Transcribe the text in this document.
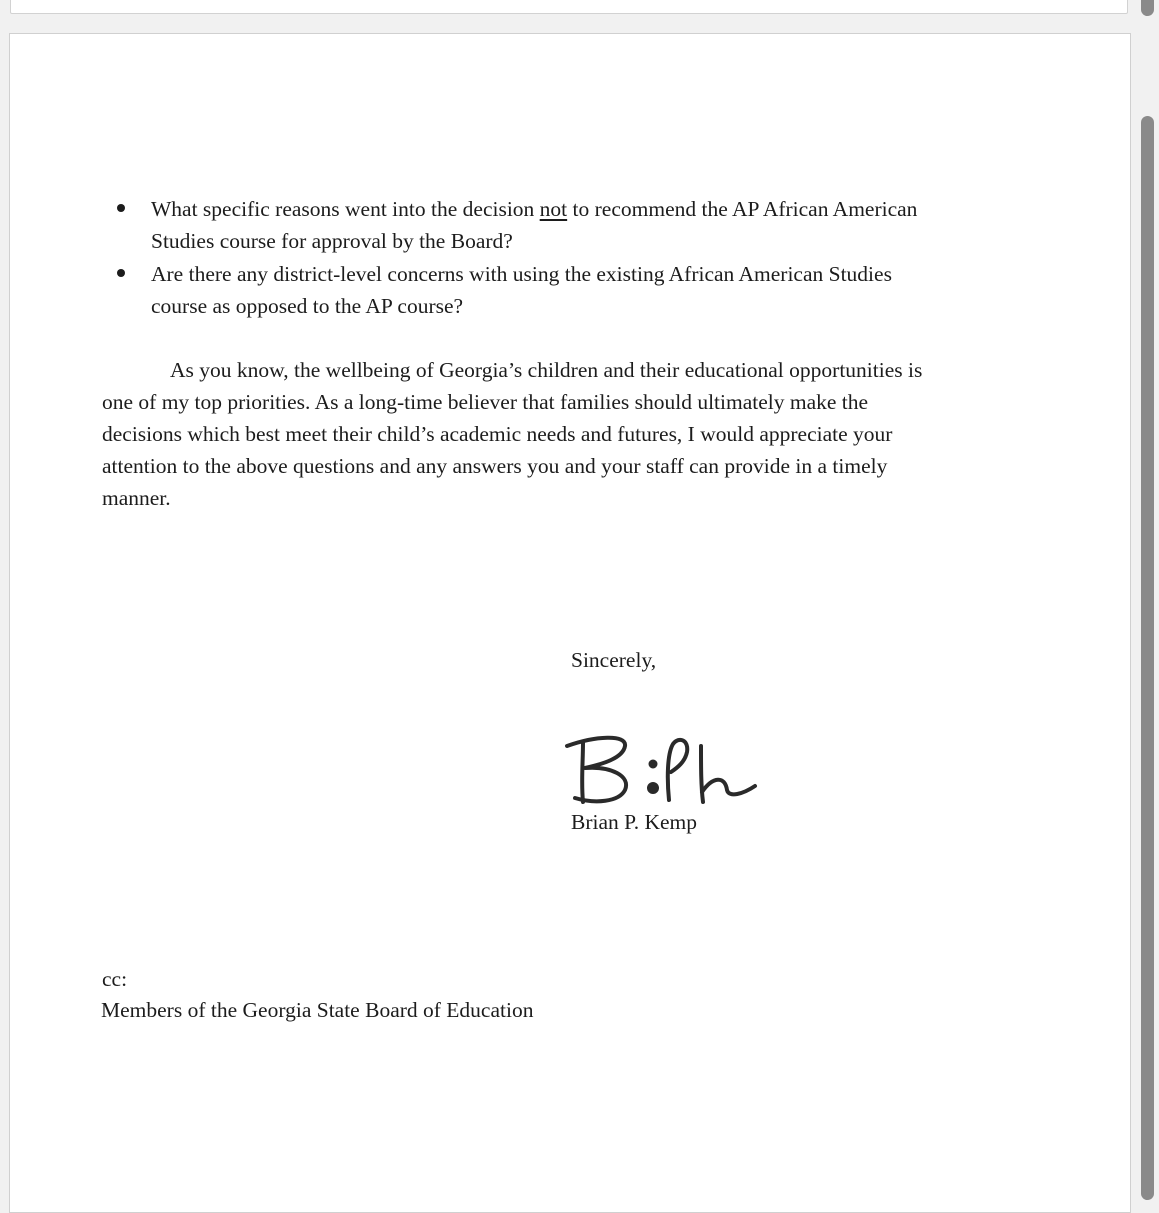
What specific reasons went into the decision not to recommend the AP African American
Studies course for approval by the Board?
Are there any district-level concerns with using the existing African American Studies
course as opposed to the AP course?
As you know, the wellbeing of Georgia’s children and their educational opportunities is
one of my top priorities. As a long-time believer that families should ultimately make the
decisions which best meet their child’s academic needs and futures, I would appreciate your
attention to the above questions and any answers you and your staff can provide in a timely
manner.
Sincerely,
Brian P. Kemp
cc:
Members of the Georgia State Board of Education
